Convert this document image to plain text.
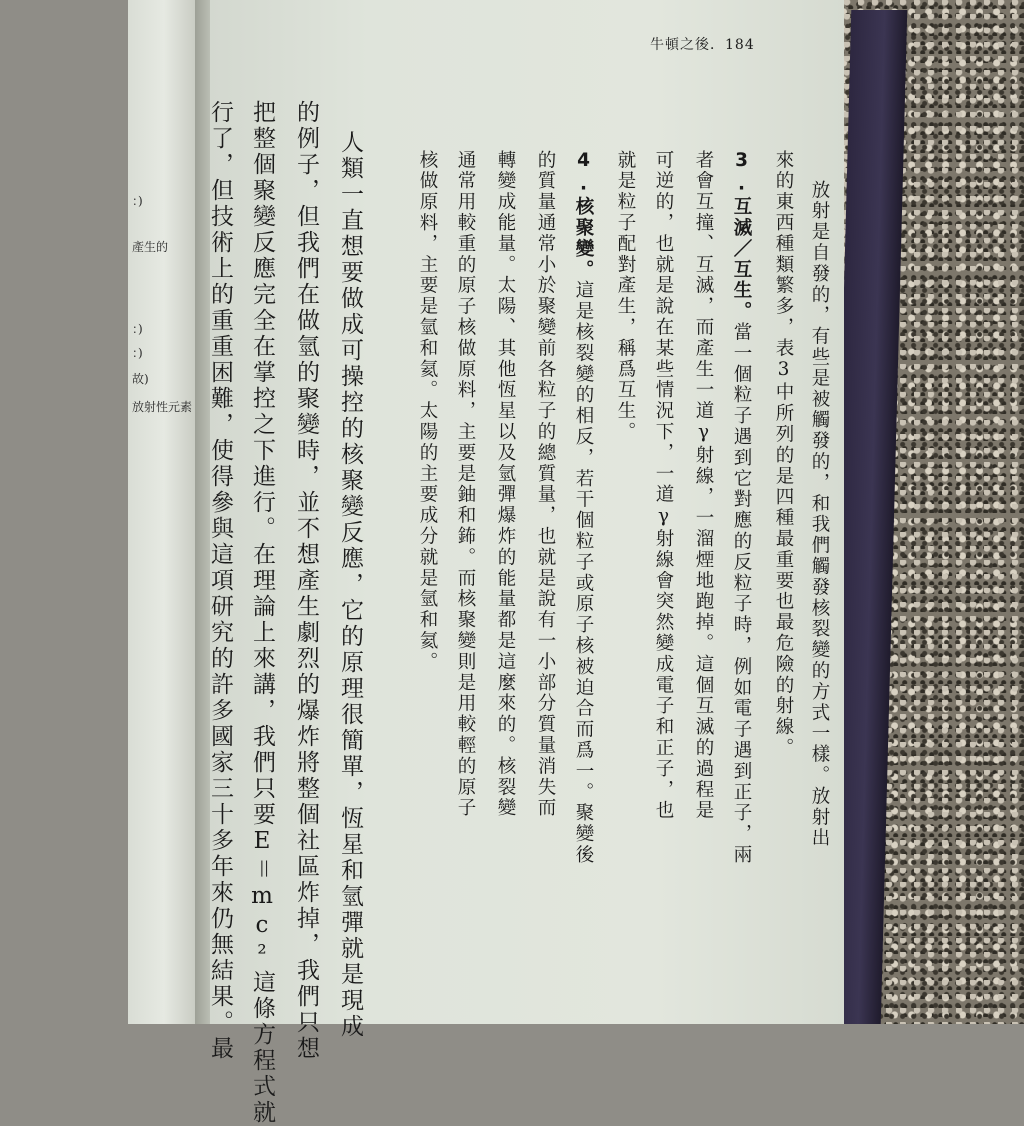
：)
產生的
：)
：)
故)
放射性元素
牛頓之後．184

放射是自發的，有些是被觸發的，和我們觸發核裂變的方式一樣。放射出

來的東西種類繁多，表3中所列的是四種最重要也最危險的射線。

3.互滅／互生。當一個粒子遇到它對應的反粒子時，例如電子遇到正子，兩

者會互撞、互滅，而產生一道γ射線，一溜煙地跑掉。這個互滅的過程是

可逆的，也就是說在某些情況下，一道γ射線會突然變成電子和正子，也

就是粒子配對產生，稱爲互生。

4.核聚變。這是核裂變的相反，若干個粒子或原子核被迫合而爲一。聚變後

的質量通常小於聚變前各粒子的總質量，也就是說有一小部分質量消失而

轉變成能量。太陽、其他恆星以及氫彈爆炸的能量都是這麼來的。核裂變

通常用較重的原子核做原料，主要是鈾和鈽。而核聚變則是用較輕的原子

核做原料，主要是氫和氦。太陽的主要成分就是氫和氦。

人類一直想要做成可操控的核聚變反應，它的原理很簡單，恆星和氫彈就是現成

的例子，但我們在做氫的聚變時，並不想產生劇烈的爆炸將整個社區炸掉，我們只想

把整個聚變反應完全在掌控之下進行。在理論上來講，我們只要E＝mc²這條方程式就

行了，但技術上的重重困難，使得參與這項研究的許多國家三十多年來仍無結果。最
